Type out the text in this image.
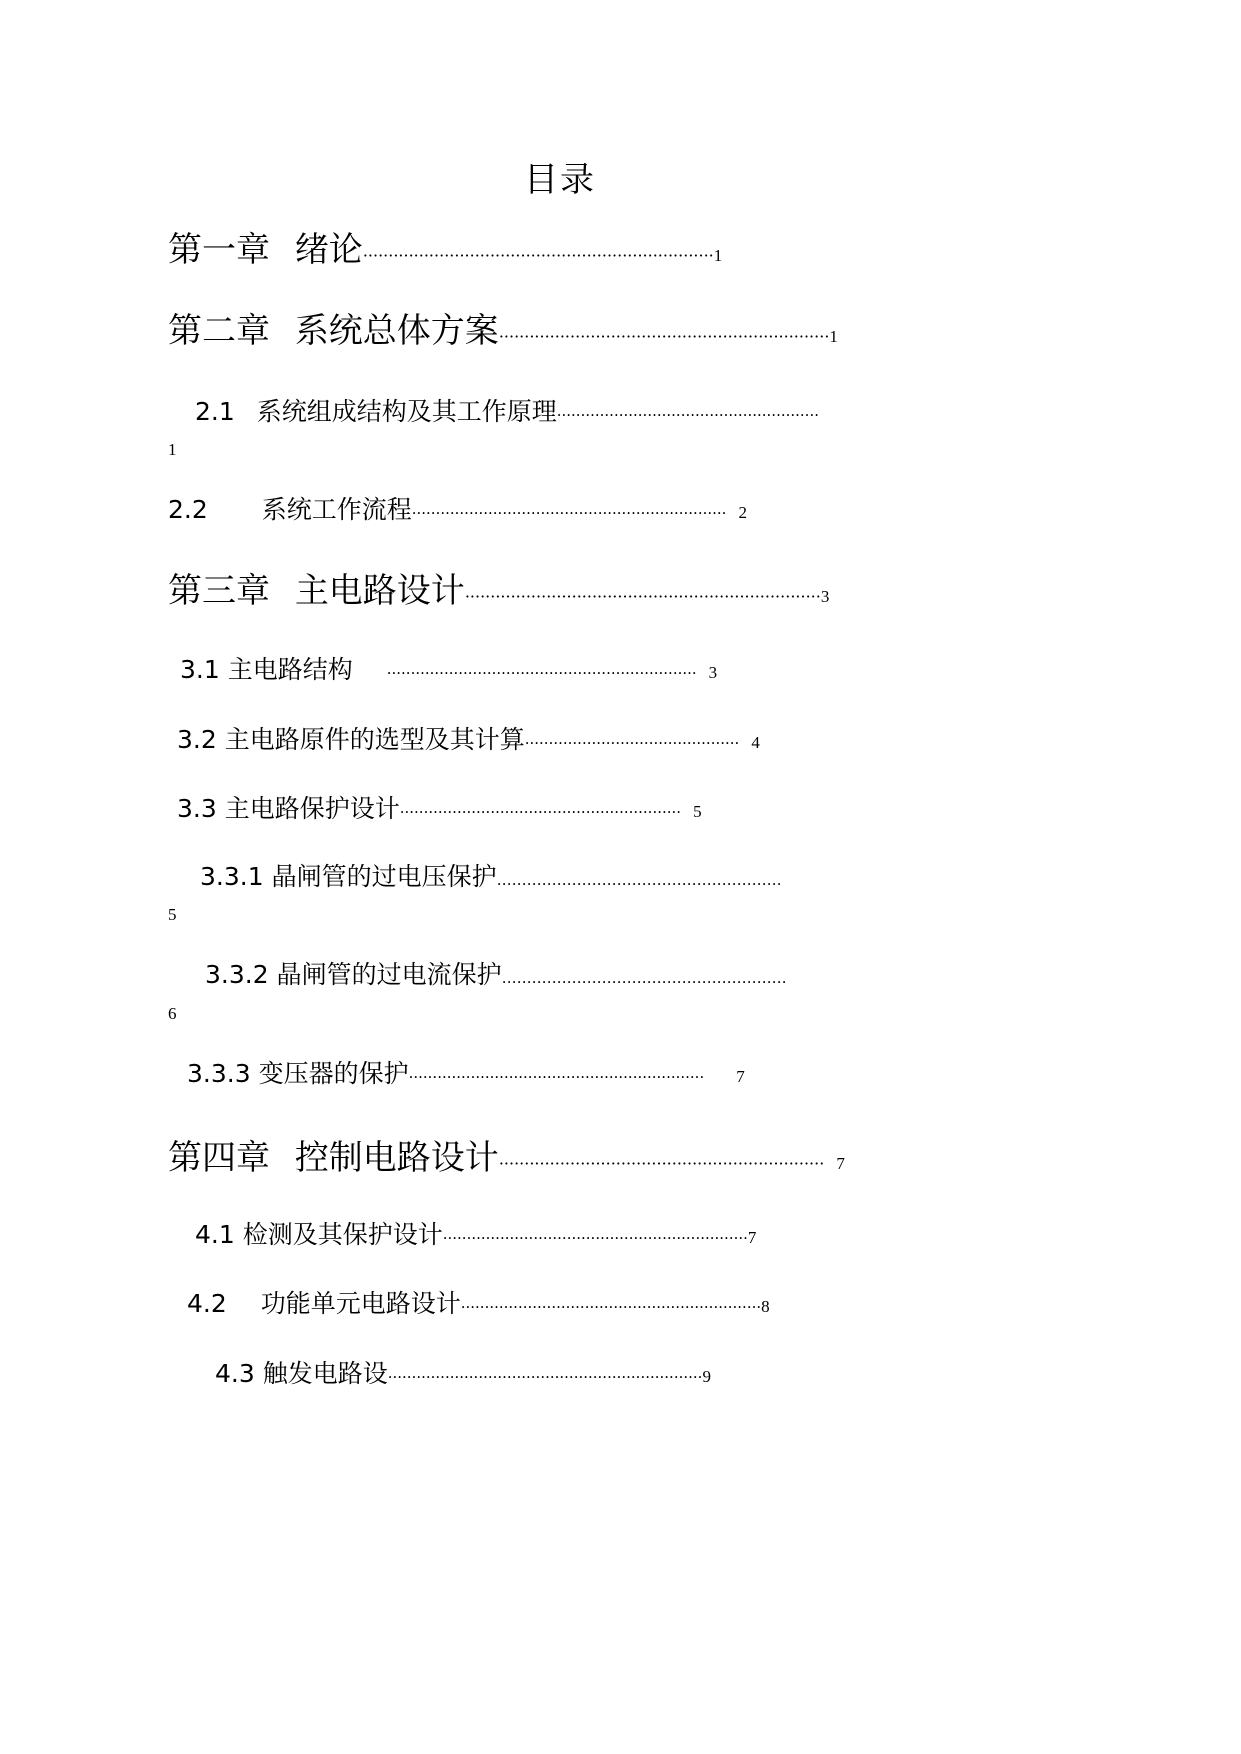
目录
第一章 绪论·····································································1
第二章 系统总体方案·································································1
2.1 系统组成结构及其工作原理·······················································
1
2.2 系统工作流程·································································· 2
第三章 主电路设计······································································3
3.1 主电路结构 ································································· 3
3.2 主电路原件的选型及其计算············································· 4
3.3 主电路保护设计··························································· 5
3.3.1 晶闸管的过电压保护…………………………………………………
5
3.3.2 晶闸管的过电流保护…………………………………………………
6
3.3.3 变压器的保护······························································ 7
第四章 控制电路设计································································ 7
4.1 检测及其保护设计································································7
4.2 功能单元电路设计·······························································8
4.3 触发电路设··································································9
